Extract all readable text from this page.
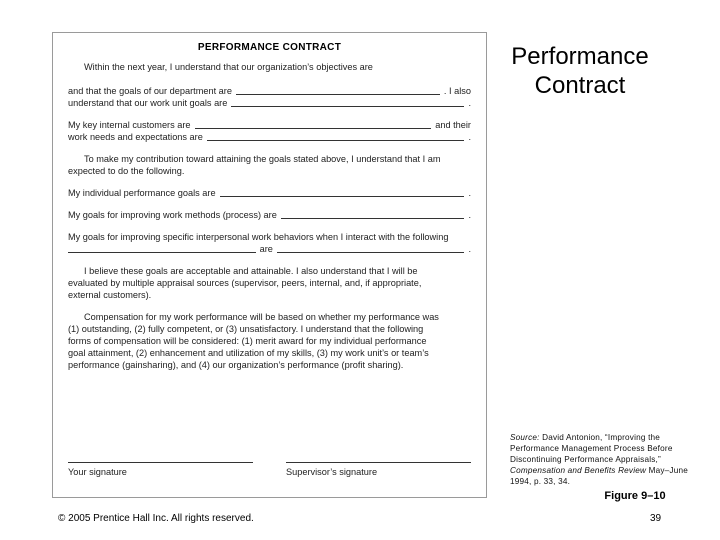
PERFORMANCE CONTRACT
Within the next year, I understand that our organization’s objectives are
and that the goals of our department are	. I also
understand that our work unit goals are	.
My key internal customers are	and their
work needs and expectations are	.
To make my contribution toward attaining the goals stated above, I understand that I am
expected to do the following.
My individual performance goals are	.
My goals for improving work methods (process) are	.
My goals for improving specific interpersonal work behaviors when I interact with the following
are	.
I believe these goals are acceptable and attainable. I also understand that I will be
evaluated by multiple appraisal sources (supervisor, peers, internal, and, if appropriate,
external customers).
Compensation for my work performance will be based on whether my performance was
(1) outstanding, (2) fully competent, or (3) unsatisfactory. I understand that the following
forms of compensation will be considered: (1) merit award for my individual performance
goal attainment, (2) enhancement and utilization of my skills, (3) my work unit’s or team’s
performance (gainsharing), and (4) our organization’s performance (profit sharing).
Your signature	Supervisor’s signature
Performance
Contract
Source: David Antonion, “Improving the Performance Management Process Before Discontinuing Performance Appraisals,” Compensation and Benefits Review May–June 1994, p. 33, 34.
Figure 9–10
© 2005 Prentice Hall Inc. All rights reserved.	39
